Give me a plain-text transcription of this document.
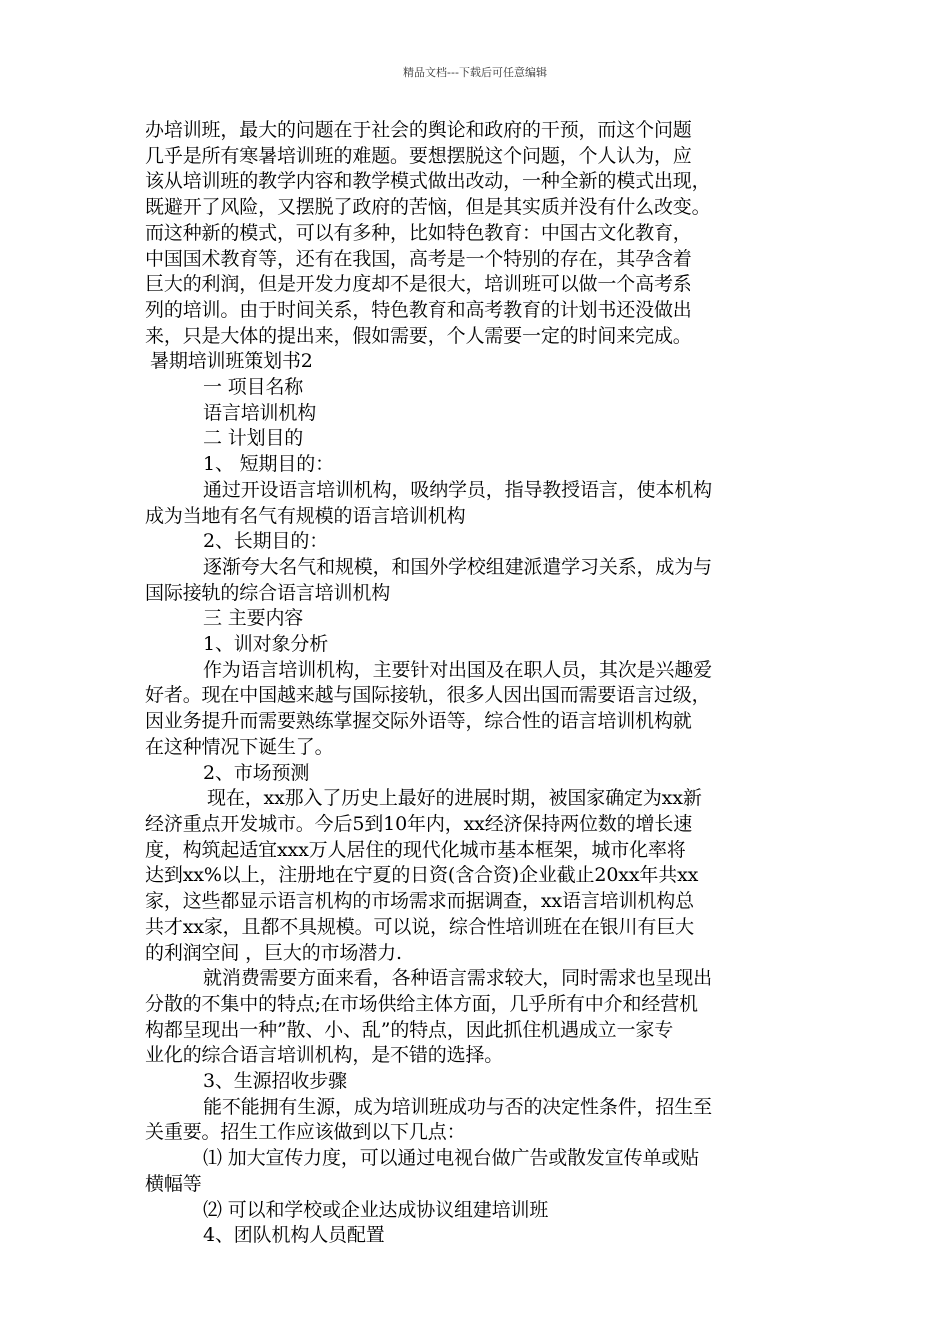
精品文档---下载后可任意编辑

办培训班，最大的问题在于社会的舆论和政府的干预，而这个问题

几乎是所有寒暑培训班的难题。要想摆脱这个问题，个人认为，应

该从培训班的教学内容和教学模式做出改动，一种全新的模式出现，

既避开了风险，又摆脱了政府的苦恼，但是其实质并没有什么改变。

而这种新的模式，可以有多种，比如特色教育：中国古文化教育，

中国国术教育等，还有在我国，高考是一个特别的存在，其孕含着

巨大的利润，但是开发力度却不是很大，培训班可以做一个高考系

列的培训。由于时间关系，特色教育和高考教育的计划书还没做出

来，只是大体的提出来，假如需要，个人需要一定的时间来完成。

暑期培训班策划书2

一 项目名称

语言培训机构

二 计划目的

1、 短期目的：

通过开设语言培训机构，吸纳学员，指导教授语言，使本机构

成为当地有名气有规模的语言培训机构

2、长期目的：

逐渐夸大名气和规模，和国外学校组建派遣学习关系，成为与

国际接轨的综合语言培训机构

三 主要内容

1、训对象分析

作为语言培训机构，主要针对出国及在职人员，其次是兴趣爱

好者。现在中国越来越与国际接轨，很多人因出国而需要语言过级，

因业务提升而需要熟练掌握交际外语等，综合性的语言培训机构就

在这种情况下诞生了。

2、市场预测

现在，xx那入了历史上最好的进展时期，被国家确定为xx新

经济重点开发城市。今后5到10年内，xx经济保持两位数的增长速

度，构筑起适宜xxx万人居住的现代化城市基本框架，城市化率将

达到xx%以上，注册地在宁夏的日资(含合资)企业截止20xx年共xx

家，这些都显示语言机构的市场需求而据调查，xx语言培训机构总

共才xx家，且都不具规模。可以说，综合性培训班在在银川有巨大

的利润空间 ，巨大的市场潜力.

就消费需要方面来看，各种语言需求较大，同时需求也呈现出

分散的不集中的特点;在市场供给主体方面，几乎所有中介和经营机

构都呈现出一种”散、小、乱”的特点，因此抓住机遇成立一家专

业化的综合语言培训机构，是不错的选择。

3、生源招收步骤

能不能拥有生源，成为培训班成功与否的决定性条件，招生至

关重要。招生工作应该做到以下几点：

⑴ 加大宣传力度，可以通过电视台做广告或散发宣传单或贴

横幅等

⑵ 可以和学校或企业达成协议组建培训班

4、团队机构人员配置
